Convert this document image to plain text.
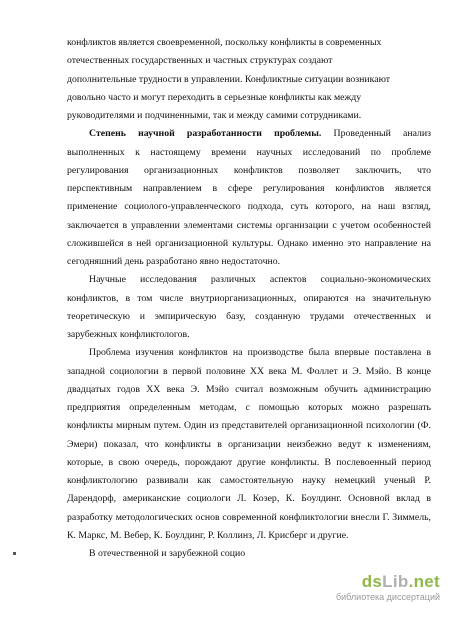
конфликтов является своевременной, поскольку конфликты в современных

отечественных государственных и частных структурах создают

дополнительные трудности в управлении. Конфликтные ситуации возникают

довольно часто и могут переходить в серьезные конфликты как между

руководителями и подчиненными, так и между самими сотрудниками.

Степень научной разработанности проблемы. Проведенный анализ выполненных к настоящему времени научных исследований по проблеме регулирования организационных конфликтов позволяет заключить, что перспективным направлением в сфере регулирования конфликтов является применение социолого-управленческого подхода, суть которого, на наш взгляд, заключается в управлении элементами системы организации с учетом особенностей сложившейся в ней организационной культуры. Однако именно это направление на сегодняшний день разработано явно недостаточно.

Научные исследования различных аспектов социально-экономических конфликтов, в том числе внутриорганизационных, опираются на значительную теоретическую и эмпирическую базу, созданную трудами отечественных и зарубежных конфликтологов.

Проблема изучения конфликтов на производстве была впервые поставлена в западной социологии в первой половине XX века М. Фоллет и Э. Мэйо. В конце двадцатых годов XX века Э. Мэйо считал возможным обучить администрацию предприятия определенным методам, с помощью которых можно разрешать конфликты мирным путем. Один из представителей организационной психологии (Ф. Эмери) показал, что конфликты в организации неизбежно ведут к изменениям, которые, в свою очередь, порождают другие конфликты. В послевоенный период конфликтологию развивали как самостоятельную науку немецкий ученый Р. Дарендорф, американские социологи Л. Козер, К. Боулдинг. Основной вклад в разработку методологических основ современной конфликтологии внесли Г. Зиммель, К. Маркс, М. Вебер, К. Боулдинг, Р. Коллинз, Л. Крисберг и другие.

В отечественной и зарубежной социо

dsLib.net
библиотека диссертаций
